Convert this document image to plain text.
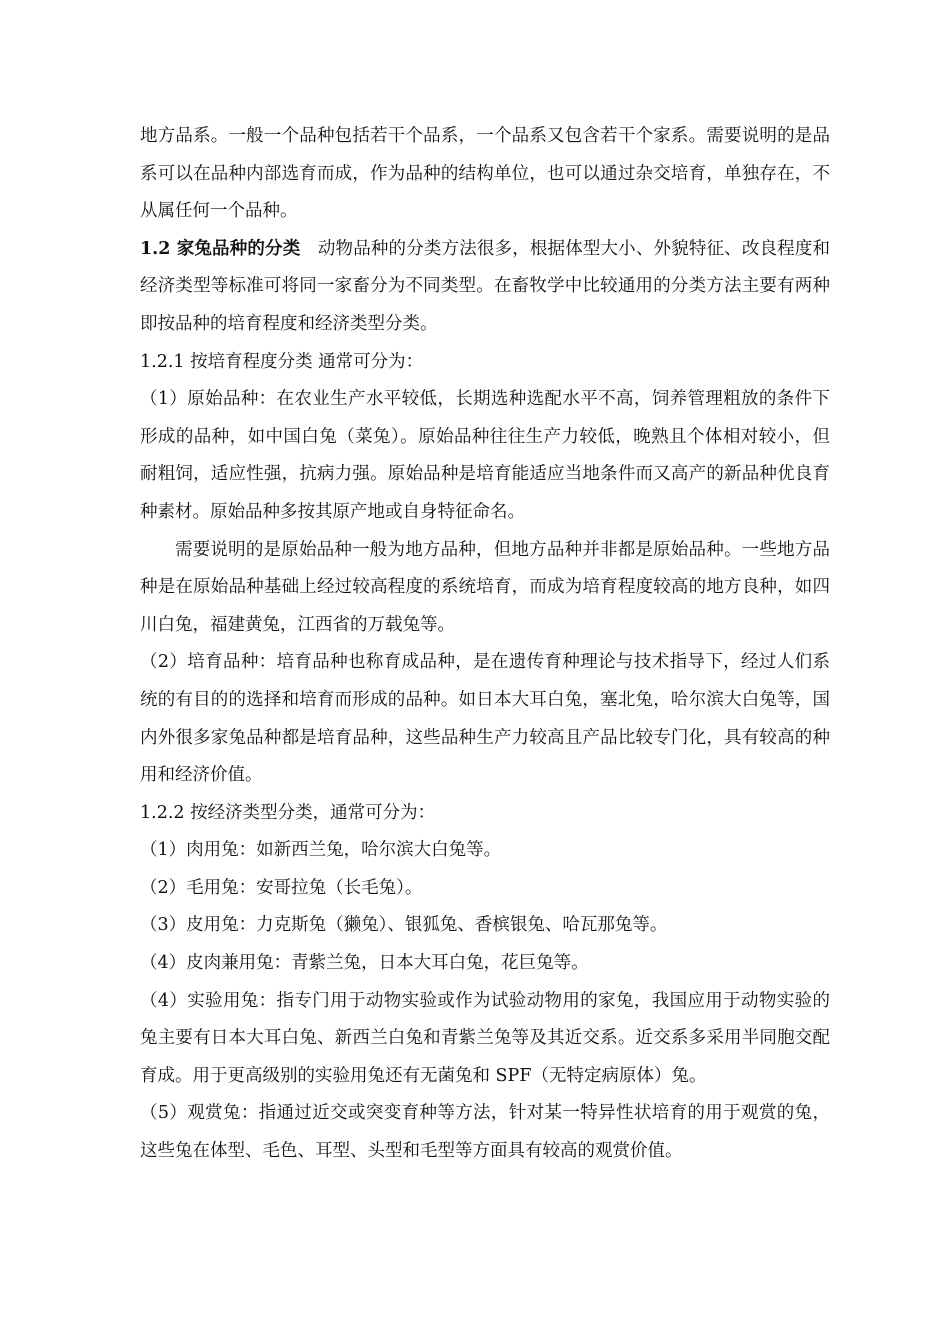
地方品系。一般一个品种包括若干个品系，一个品系又包含若干个家系。需要说明的是品系可以在品种内部选育而成，作为品种的结构单位，也可以通过杂交培育，单独存在，不从属任何一个品种。

1.2 家兔品种的分类 动物品种的分类方法很多，根据体型大小、外貌特征、改良程度和经济类型等标准可将同一家畜分为不同类型。在畜牧学中比较通用的分类方法主要有两种即按品种的培育程度和经济类型分类。

1.2.1 按培育程度分类 通常可分为：

（1）原始品种：在农业生产水平较低，长期选种选配水平不高，饲养管理粗放的条件下形成的品种，如中国白兔（菜兔）。原始品种往往生产力较低，晚熟且个体相对较小，但耐粗饲，适应性强，抗病力强。原始品种是培育能适应当地条件而又高产的新品种优良育种素材。原始品种多按其原产地或自身特征命名。

需要说明的是原始品种一般为地方品种，但地方品种并非都是原始品种。一些地方品种是在原始品种基础上经过较高程度的系统培育，而成为培育程度较高的地方良种，如四川白兔，福建黄兔，江西省的万载兔等。

（2）培育品种：培育品种也称育成品种，是在遗传育种理论与技术指导下，经过人们系统的有目的的选择和培育而形成的品种。如日本大耳白兔，塞北兔，哈尔滨大白兔等，国内外很多家兔品种都是培育品种，这些品种生产力较高且产品比较专门化，具有较高的种用和经济价值。

1.2.2 按经济类型分类，通常可分为：

（1）肉用兔：如新西兰兔，哈尔滨大白兔等。

（2）毛用兔：安哥拉兔（长毛兔）。

（3）皮用兔：力克斯兔（獭兔）、银狐兔、香槟银兔、哈瓦那兔等。

（4）皮肉兼用兔：青紫兰兔，日本大耳白兔，花巨兔等。

（4）实验用兔：指专门用于动物实验或作为试验动物用的家兔，我国应用于动物实验的兔主要有日本大耳白兔、新西兰白兔和青紫兰兔等及其近交系。近交系多采用半同胞交配育成。用于更高级别的实验用兔还有无菌兔和 SPF（无特定病原体）兔。

（5）观赏兔：指通过近交或突变育种等方法，针对某一特异性状培育的用于观赏的兔，这些兔在体型、毛色、耳型、头型和毛型等方面具有较高的观赏价值。
